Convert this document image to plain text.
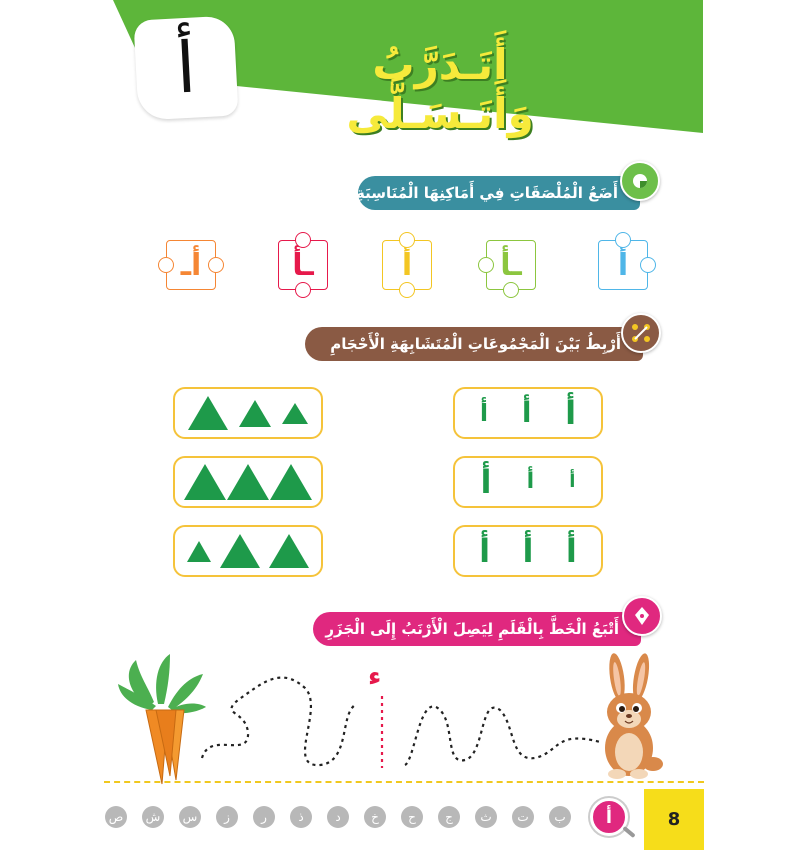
أ	أَتَـدَرَّبُ وَأَتَـسَـلَّى
أَضَعُ الْمُلْصَقَاتِ فِي أَمَاكِنِهَا الْمُنَاسِبَةِ
أ
ـأ
أ
ـأ
أـ
أَرْبِطُ بَيْنَ الْمَجْمُوعَاتِ الْمُتَشَابِهَةِ الْأَحْجَامِ
أ أ أ
أ أ أ
أ أ أ
أَتْبَعُ الْخَطَّ بِالْقَلَمِ لِيَصِلَ الْأَرْنَبُ إِلَى الْجَزَرِ
ء
ص	ش	س	ز	ر	ذ	د	خ	ح	ج	ث	ت	ب	أ	8
